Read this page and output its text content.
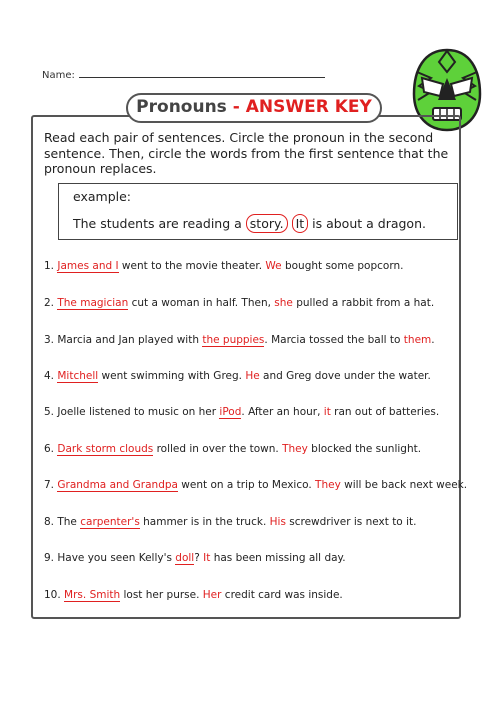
Name:
Pronouns - ANSWER KEY
Read each pair of sentences. Circle the pronoun in the second sentence. Then, circle the words from the first sentence that the pronoun replaces.
example:
The students are reading a story. It is about a dragon.
1. James and I went to the movie theater. We bought some popcorn.
2. The magician cut a woman in half. Then, she pulled a rabbit from a hat.
3. Marcia and Jan played with the puppies. Marcia tossed the ball to them.
4. Mitchell went swimming with Greg. He and Greg dove under the water.
5. Joelle listened to music on her iPod. After an hour, it ran out of batteries.
6. Dark storm clouds rolled in over the town. They blocked the sunlight.
7. Grandma and Grandpa went on a trip to Mexico. They will be back next week.
8. The carpenter's hammer is in the truck. His screwdriver is next to it.
9. Have you seen Kelly's doll? It has been missing all day.
10. Mrs. Smith lost her purse. Her credit card was inside.
